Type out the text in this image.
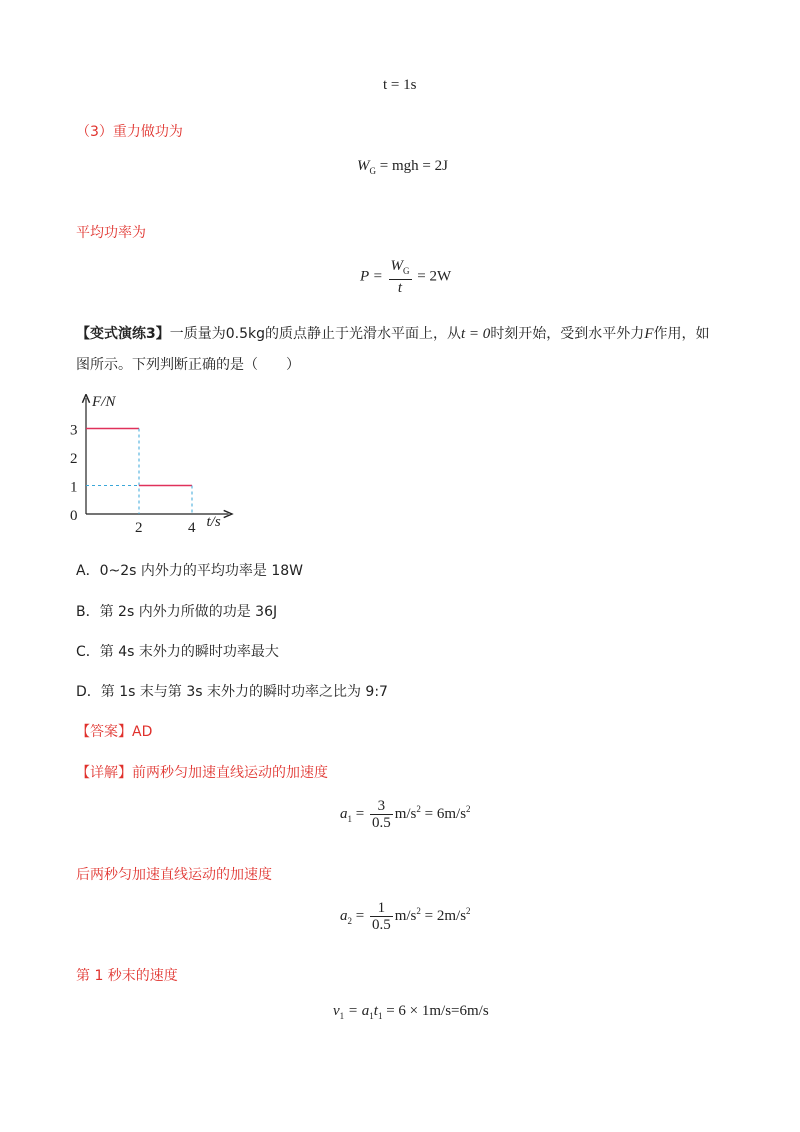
t = 1s
（3）重力做功为
$W_G$ = mgh = 2J
平均功率为
$P = \frac{W_G}{t} = 2W$
【变式演练3】一质量为0.5kg的质点静止于光滑水平面上，从t = 0时刻开始，受到水平外力F作用，如
图所示。下列判断正确的是（　　）
F/N
t/s
3
2
1
0
2	4
A．0~2s 内外力的平均功率是 18W
B．第 2s 内外力所做的功是 36J
C．第 4s 末外力的瞬时功率最大
D．第 1s 末与第 3s 末外力的瞬时功率之比为 9:7
【答案】AD
【详解】前两秒匀加速直线运动的加速度
$a_1 = \frac{3}{0.5} m/s^2 = 6m/s^2$
后两秒匀加速直线运动的加速度
$a_2 = \frac{1}{0.5} m/s^2 = 2m/s^2$
第 1 秒末的速度
$v_1 = a_1t_1 = 6 \times 1m/s=6m/s$
